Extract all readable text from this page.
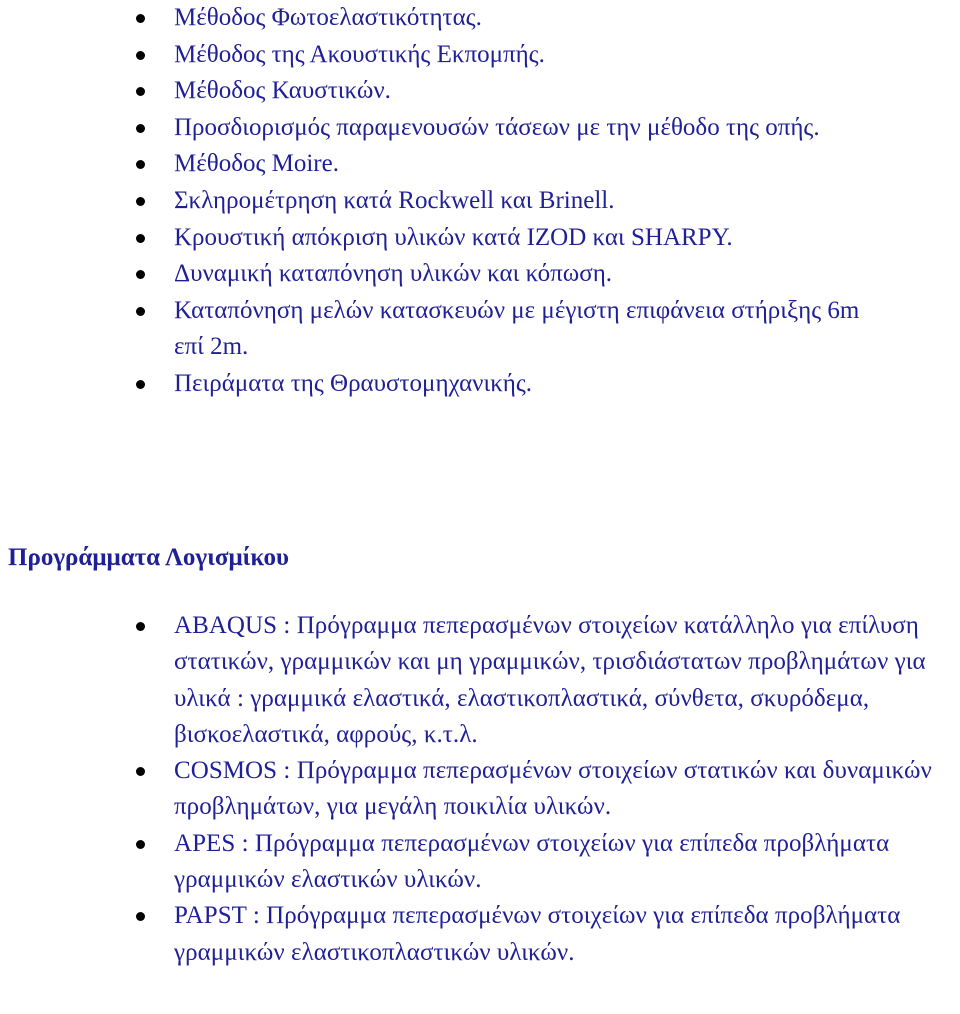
Μέθοδος Φωτοελαστικότητας.
Μέθοδος της Ακουστικής Εκπομπής.
Μέθοδος Καυστικών.
Προσδιορισμός παραμενουσών τάσεων με την μέθοδο της οπής.
Μέθοδος Moire.
Σκληρομέτρηση κατά Rockwell και Brinell.
Κρουστική απόκριση υλικών κατά IZOD και SHARPY.
Δυναμική καταπόνηση υλικών και κόπωση.
Καταπόνηση μελών κατασκευών με μέγιστη επιφάνεια στήριξης 6m επί 2m.
Πειράματα της Θραυστομηχανικής.
Προγράμματα Λογισμίκου
ABAQUS : Πρόγραμμα πεπερασμένων στοιχείων κατάλληλο για επίλυση στατικών, γραμμικών και μη γραμμικών, τρισδιάστατων προβλημάτων για υλικά : γραμμικά ελαστικά, ελαστικοπλαστικά, σύνθετα, σκυρόδεμα, βισκοελαστικά, αφρούς, κ.τ.λ.
COSMOS : Πρόγραμμα πεπερασμένων στοιχείων στατικών και δυναμικών προβλημάτων, για μεγάλη ποικιλία υλικών.
APES : Πρόγραμμα πεπερασμένων στοιχείων για επίπεδα προβλήματα γραμμικών ελαστικών υλικών.
PAPST : Πρόγραμμα πεπερασμένων στοιχείων για επίπεδα προβλήματα γραμμικών ελαστικοπλαστικών υλικών.
